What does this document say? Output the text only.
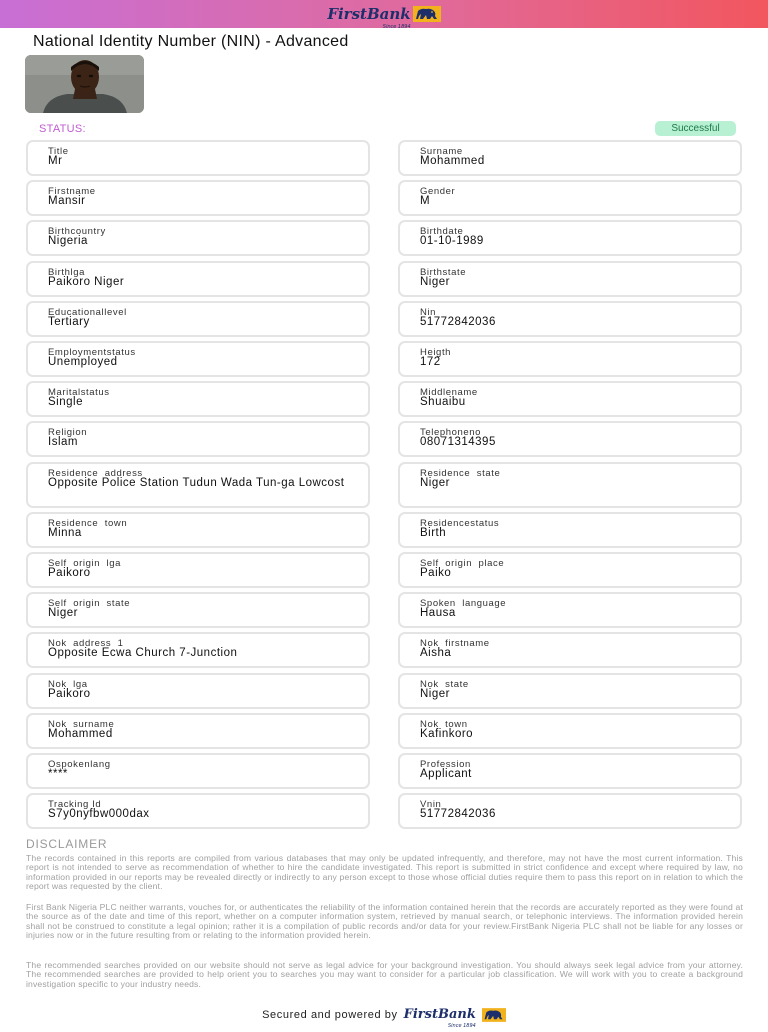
FirstBank
Since 1894
National Identity Number (NIN) - Advanced
STATUS:	Successful
Title
Mr
Surname
Mohammed
Firstname
Mansir
Gender
M
Birthcountry
Nigeria
Birthdate
01-10-1989
Birthlga
Paikoro Niger
Birthstate
Niger
Educationallevel
Tertiary
Nin
51772842036
Employmentstatus
Unemployed
Heigth
172
Maritalstatus
Single
Middlename
Shuaibu
Religion
Islam
Telephoneno
08071314395
Residence  address
Opposite Police Station Tudun Wada Tun-ga Lowcost
Residence  state
Niger
Residence  town
Minna
Residencestatus
Birth
Self  origin  lga
Paikoro
Self  origin  place
Paiko
Self  origin  state
Niger
Spoken  language
Hausa
Nok  address  1
Opposite Ecwa Church 7-Junction
Nok  firstname
Aisha
Nok  lga
Paikoro
Nok  state
Niger
Nok  surname
Mohammed
Nok  town
Kafinkoro
Ospokenlang
****
Profession
Applicant
Tracking Id
S7y0nyfbw000dax
Vnin
51772842036
DISCLAIMER
The records contained in this reports are compiled from various databases that may only be updated infrequently, and therefore, may not have the most current information. This report is not intended to serve as recommendation of whether to hire the candidate investigated. This report is submitted in strict confidence and except where required by law, no information provided in our reports may be revealed directly or indirectly to any person except to those whose official duties require them to pass this report on in relation to which the report was requested by the client.
First Bank Nigeria PLC neither warrants, vouches for, or authenticates the reliability of the information contained herein that the records are accurately reported as they were found at the source as of the date and time of this report, whether on a computer information system, retrieved by manual search, or telephonic interviews. The information provided herein shall not be construed to constitute a legal opinion; rather it is a compilation of public records and/or data for your review.FirstBank Nigeria PLC shall not be liable for any losses or injuries now or in the future resulting from or relating to the information provided herein.
The recommended searches provided on our website should not serve as legal advice for your background investigation. You should always seek legal advice from your attorney. The recommended searches are provided to help orient you to searches you may want to consider for a particular job classification. We will work with you to create a background investigation specific to your industry needs.
Secured and powered by FirstBank
Since 1894
